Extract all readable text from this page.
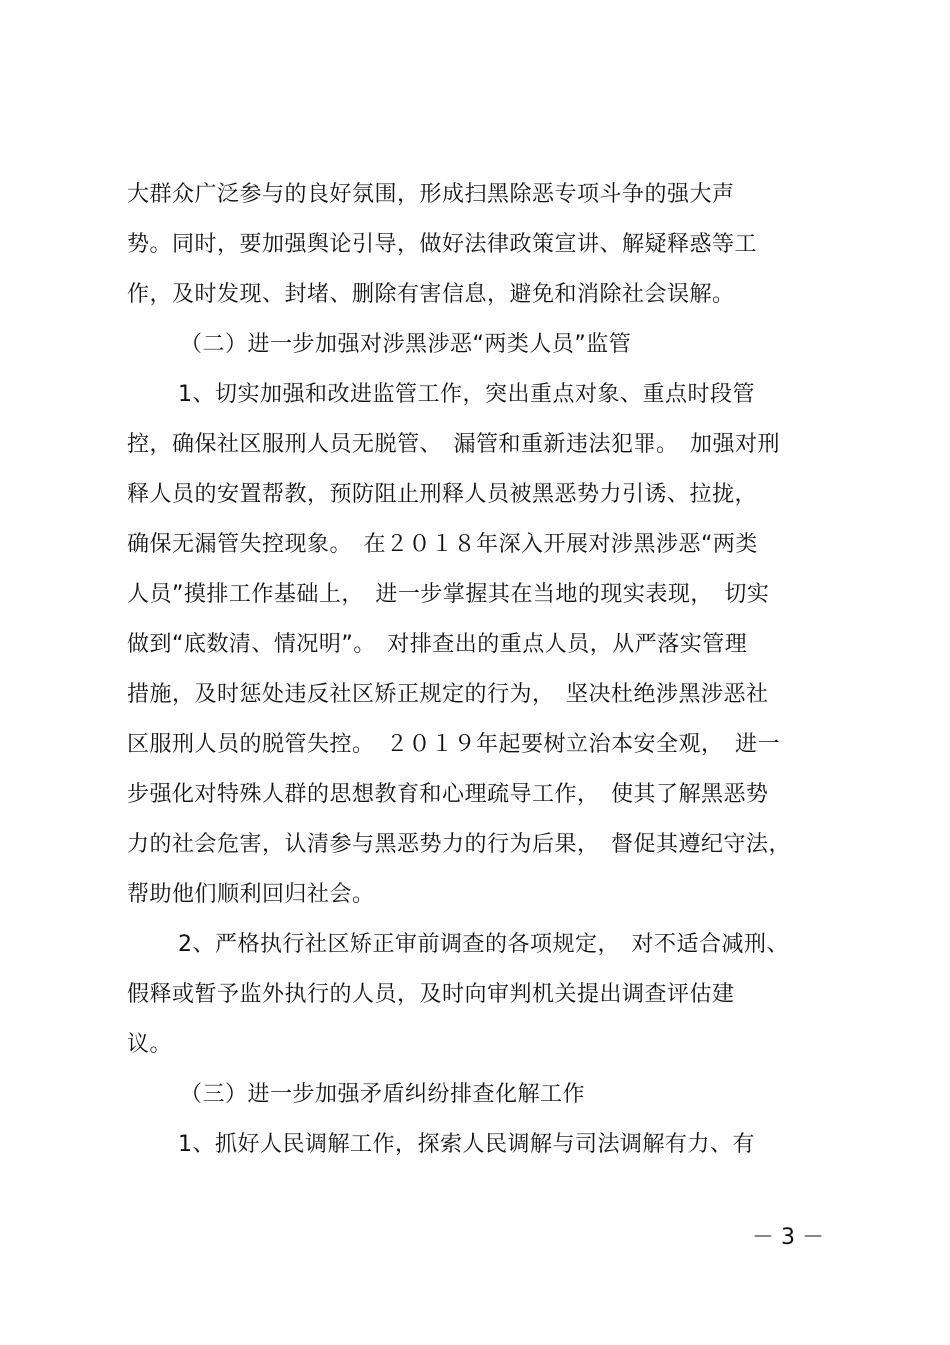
大群众广泛参与的良好氛围，形成扫黑除恶专项斗争的强大声
势。同时，要加强舆论引导，做好法律政策宣讲、解疑释惑等工
作，及时发现、封堵、删除有害信息，避免和消除社会误解。
（二）进一步加强对涉黑涉恶“两类人员”监管
1、切实加强和改进监管工作，突出重点对象、重点时段管
控，确保社区服刑人员无脱管、　漏管和重新违法犯罪。　加强对刑
释人员的安置帮教，预防阻止刑释人员被黑恶势力引诱、拉拢，
确保无漏管失控现象。　在２０１８年深入开展对涉黑涉恶“两类
人员”摸排工作基础上，　进一步掌握其在当地的现实表现，　切实
做到“底数清、情况明”。　对排查出的重点人员，从严落实管理
措施，及时惩处违反社区矫正规定的行为，　坚决杜绝涉黑涉恶社
区服刑人员的脱管失控。　２０１９年起要树立治本安全观，　进一
步强化对特殊人群的思想教育和心理疏导工作，　使其了解黑恶势
力的社会危害，认清参与黑恶势力的行为后果，　督促其遵纪守法，
帮助他们顺利回归社会。
2、严格执行社区矫正审前调查的各项规定，　对不适合减刑、
假释或暂予监外执行的人员，及时向审判机关提出调查评估建
议。
（三）进一步加强矛盾纠纷排查化解工作
1、抓好人民调解工作，探索人民调解与司法调解有力、有
－ 3 －
